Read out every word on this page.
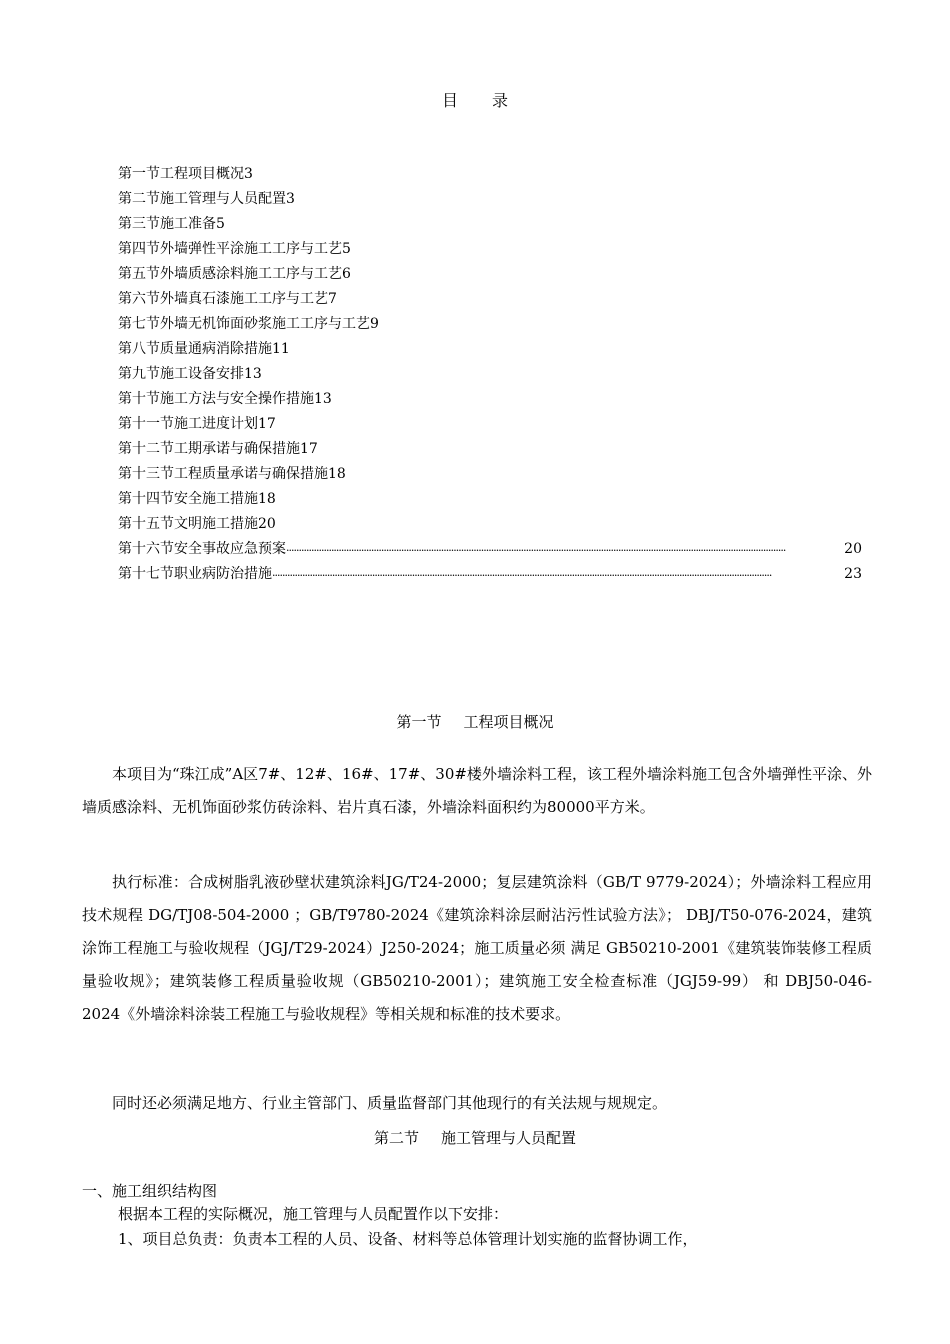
目录
第一节工程项目概况 3
第二节施工管理与人员配置 3
第三节施工准备 5
第四节外墙弹性平涂施工工序与工艺 5
第五节外墙质感涂料施工工序与工艺 6
第六节外墙真石漆施工工序与工艺 7
第七节外墙无机饰面砂浆施工工序与工艺 9
第八节质量通病消除措施 11
第九节施工设备安排 13
第十节施工方法与安全操作措施 13
第十一节施工进度计划 17
第十二节工期承诺与确保措施 17
第十三节工程质量承诺与确保措施 18
第十四节安全施工措施 18
第十五节文明施工措施 20
第十六节安全事故应急预案 ········································································································································································································	20
第十七节职业病防治措施 ········································································································································································································	23
第一节 工程项目概况
本项目为“珠江成”A区7#、12#、16#、17#、30#楼外墙涂料工程，该工程外墙涂料施工包含外墙弹性平涂、外墙质感涂料、无机饰面砂浆仿砖涂料、岩片真石漆，外墙涂料面积约为80000平方米。
执行标准：合成树脂乳液砂壁状建筑涂料JG/T24-2000；复层建筑涂料（GB/T 9779-2024）；外墙涂料工程应用技术规程 DG/TJ08-504-2000 ；GB/T9780-2024《建筑涂料涂层耐沾污性试验方法》； DBJ/T50-076-2024，建筑涂饰工程施工与验收规程（JGJ/T29-2024）J250-2024；施工质量必须 满足 GB50210-2001《建筑装饰装修工程质量验收规》；建筑装修工程质量验收规（GB50210-2001）；建筑施工安全检查标准（JGJ59-99） 和 DBJ50-046-2024《外墙涂料涂装工程施工与验收规程》等相关规和标准的技术要求。
同时还必须满足地方、行业主管部门、质量监督部门其他现行的有关法规与规规定。
第二节 施工管理与人员配置
一、施工组织结构图
根据本工程的实际概况，施工管理与人员配置作以下安排：
1、项目总负责：负责本工程的人员、设备、材料等总体管理计划实施的监督协调工作，
